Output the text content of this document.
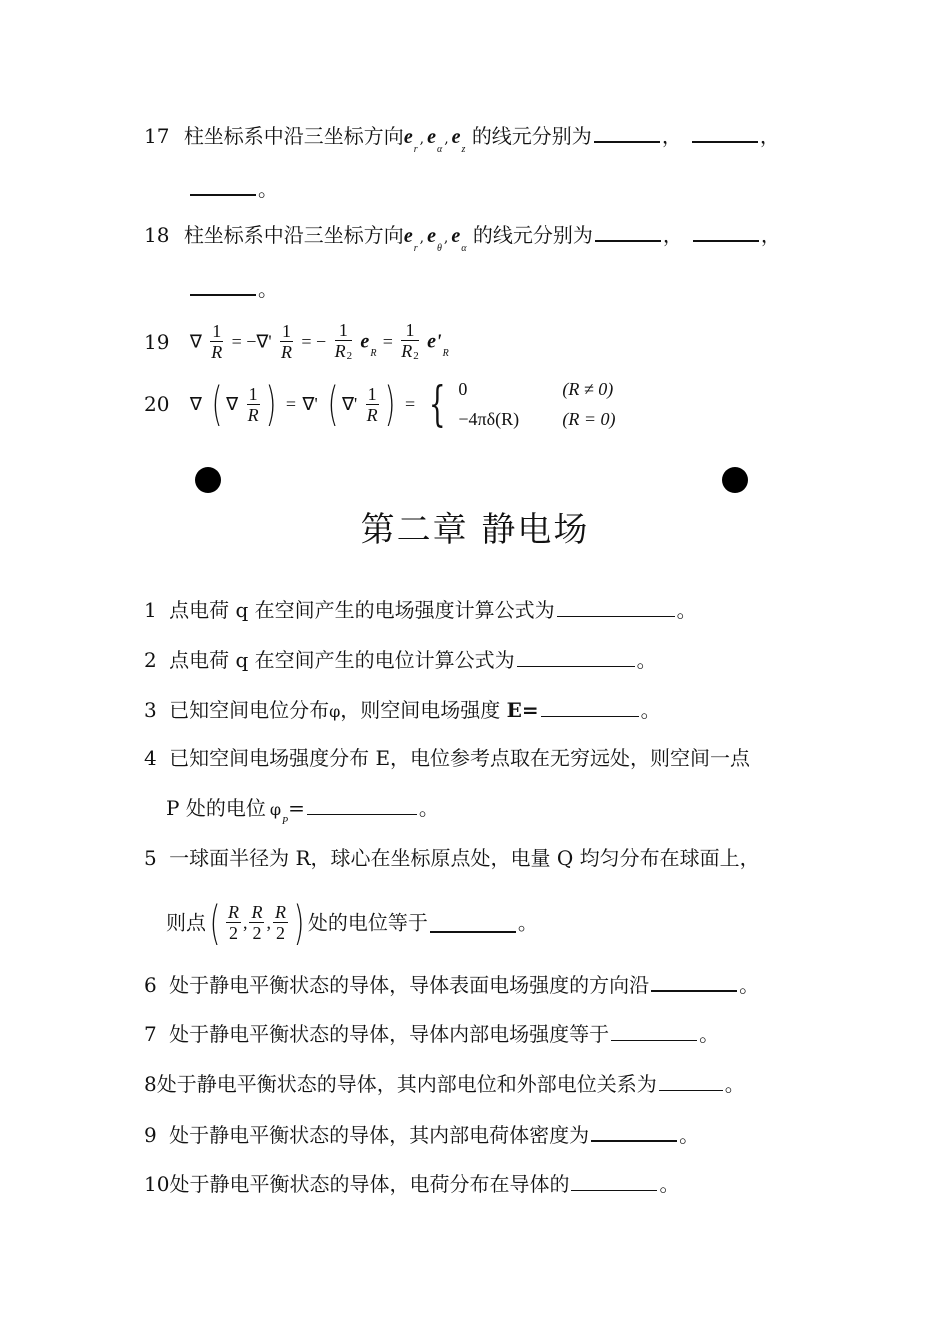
17 柱坐标系中沿三坐标方向$e_r$, $e_\alpha$, $e_z$ 的线元分别为	，	，
。
18 柱坐标系中沿三坐标方向$e_r$, $e_\theta$, $e_\alpha$ 的线元分别为	，	，
。
19 ∇ $\frac{1}{R}$ = −∇' $\frac{1}{R}$ = − $\frac{1}{R2} e_R = \frac{1}{R2} e'_R$
20 ∇ ( ∇ $\frac{1}{R}$ ) = ∇' ( ∇' $\frac{1}{R}$ ) = { 0	(R ≠ 0)
−4πδ(R) (R = 0)
第二章 静电场
1 点电荷 q 在空间产生的电场强度计算公式为	。
2 点电荷 q 在空间产生的电位计算公式为	。
3 已知空间电位分布φ，则空间电场强度 E=	。
4 已知空间电场强度分布 E，电位参考点取在无穷远处，则空间一点
P 处的电位 $\varphi_P=$	。
5 一球面半径为 R，球心在坐标原点处，电量 Q 均匀分布在球面上，
则点( $\frac{R}{2}$ , $\frac{R}{2}$ , $\frac{R}{2}$ ) 处的电位等于	。
6 处于静电平衡状态的导体，导体表面电场强度的方向沿	。
7 处于静电平衡状态的导体，导体内部电场强度等于	。
8处于静电平衡状态的导体，其内部电位和外部电位关系为	。
9 处于静电平衡状态的导体，其内部电荷体密度为	。
10处于静电平衡状态的导体，电荷分布在导体的	。
